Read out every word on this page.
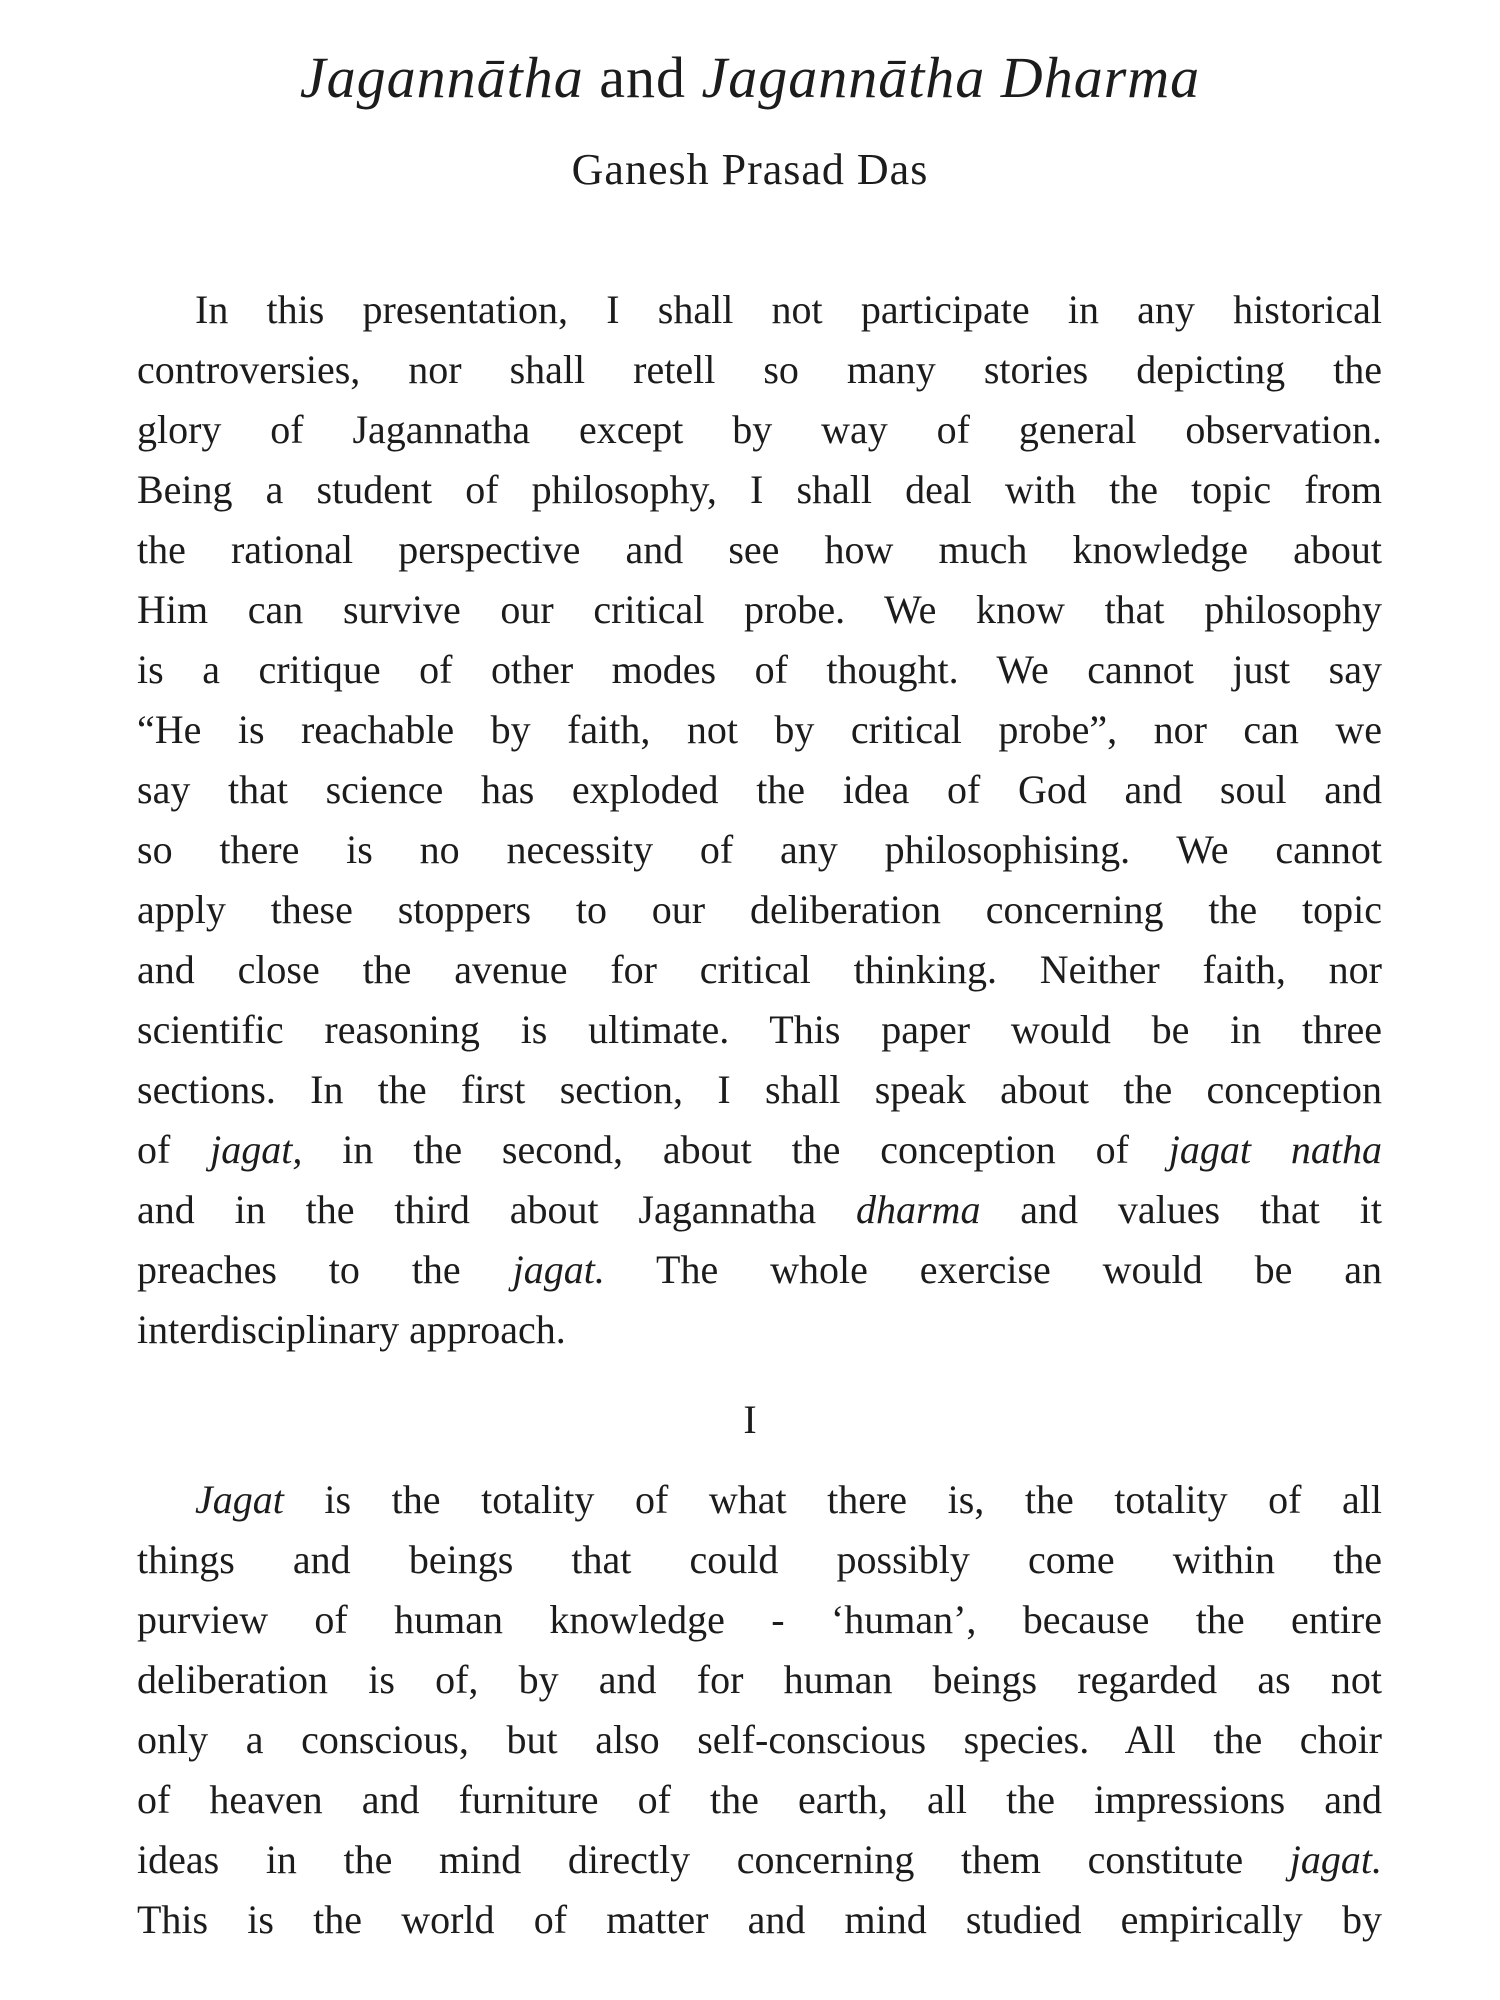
Jagannātha and Jagannātha Dharma
Ganesh Prasad Das
In this presentation, I shall not participate in any historical
controversies, nor shall retell so many stories depicting the
glory of Jagannatha except by way of general observation.
Being a student of philosophy, I shall deal with the topic from
the rational perspective and see how much knowledge about
Him can survive our critical probe. We know that philosophy
is a critique of other modes of thought. We cannot just say
“He is reachable by faith, not by critical probe”, nor can we
say that science has exploded the idea of God and soul and
so there is no necessity of any philosophising. We cannot
apply these stoppers to our deliberation concerning the topic
and close the avenue for critical thinking. Neither faith, nor
scientific reasoning is ultimate. This paper would be in three
sections. In the first section, I shall speak about the conception
of jagat, in the second, about the conception of jagat natha
and in the third about Jagannatha dharma and values that it
preaches to the jagat. The whole exercise would be an
interdisciplinary approach.
I
Jagat is the totality of what there is, the totality of all
things and beings that could possibly come within the
purview of human knowledge - ‘human’, because the entire
deliberation is of, by and for human beings regarded as not
only a conscious, but also self-conscious species. All the choir
of heaven and furniture of the earth, all the impressions and
ideas in the mind directly concerning them constitute jagat.
This is the world of matter and mind studied empirically by
